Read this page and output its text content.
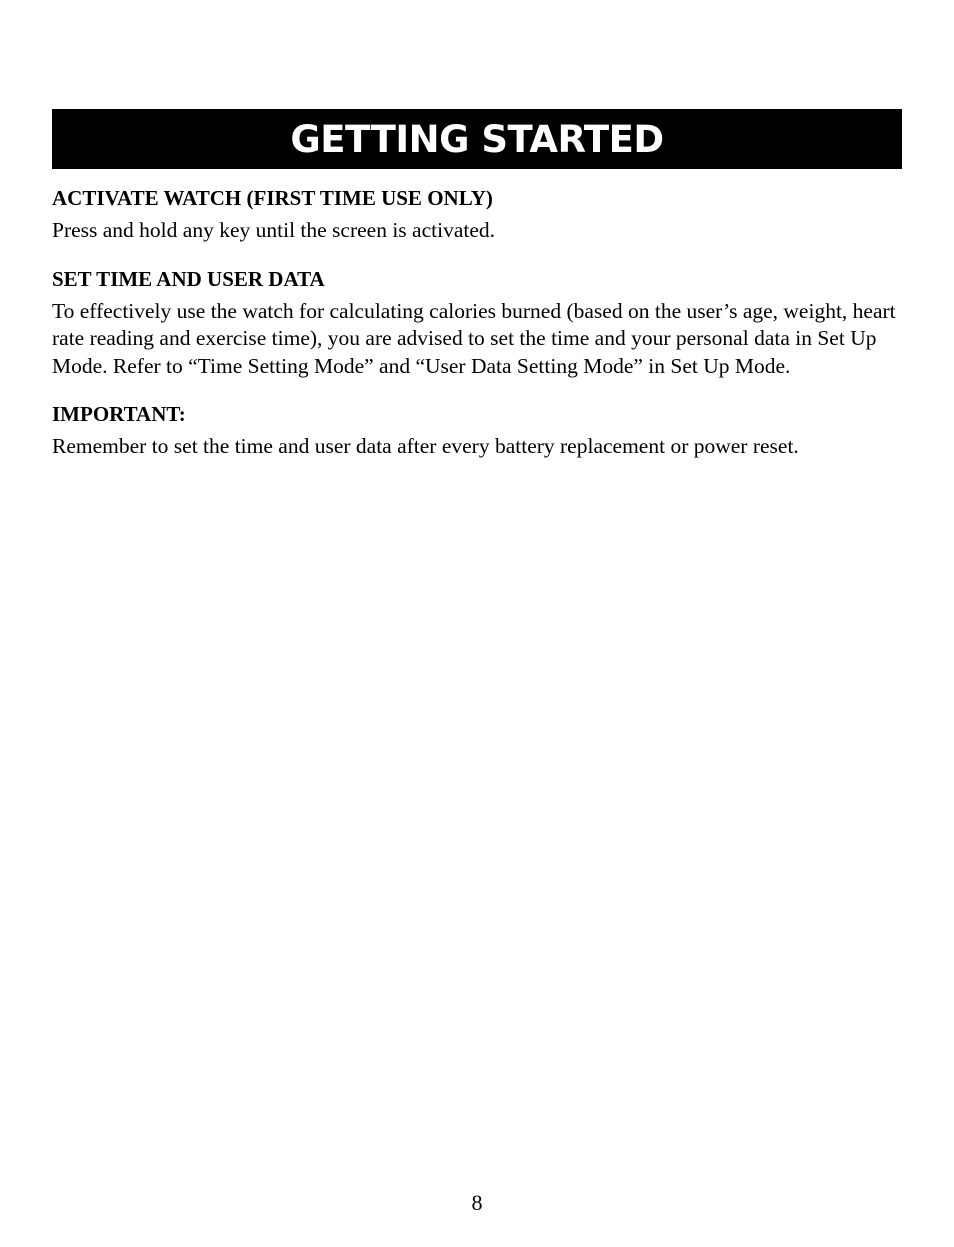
GETTING STARTED
ACTIVATE WATCH (FIRST TIME USE ONLY)

Press and hold any key until the screen is activated.

SET TIME AND USER DATA

To effectively use the watch for calculating calories burned (based on the user’s age, weight, heart rate reading and exercise time), you are advised to set the time and your personal data in Set Up Mode. Refer to “Time Setting Mode” and “User Data Setting Mode” in Set Up Mode.

IMPORTANT:

Remember to set the time and user data after every battery replacement or power reset.

8
